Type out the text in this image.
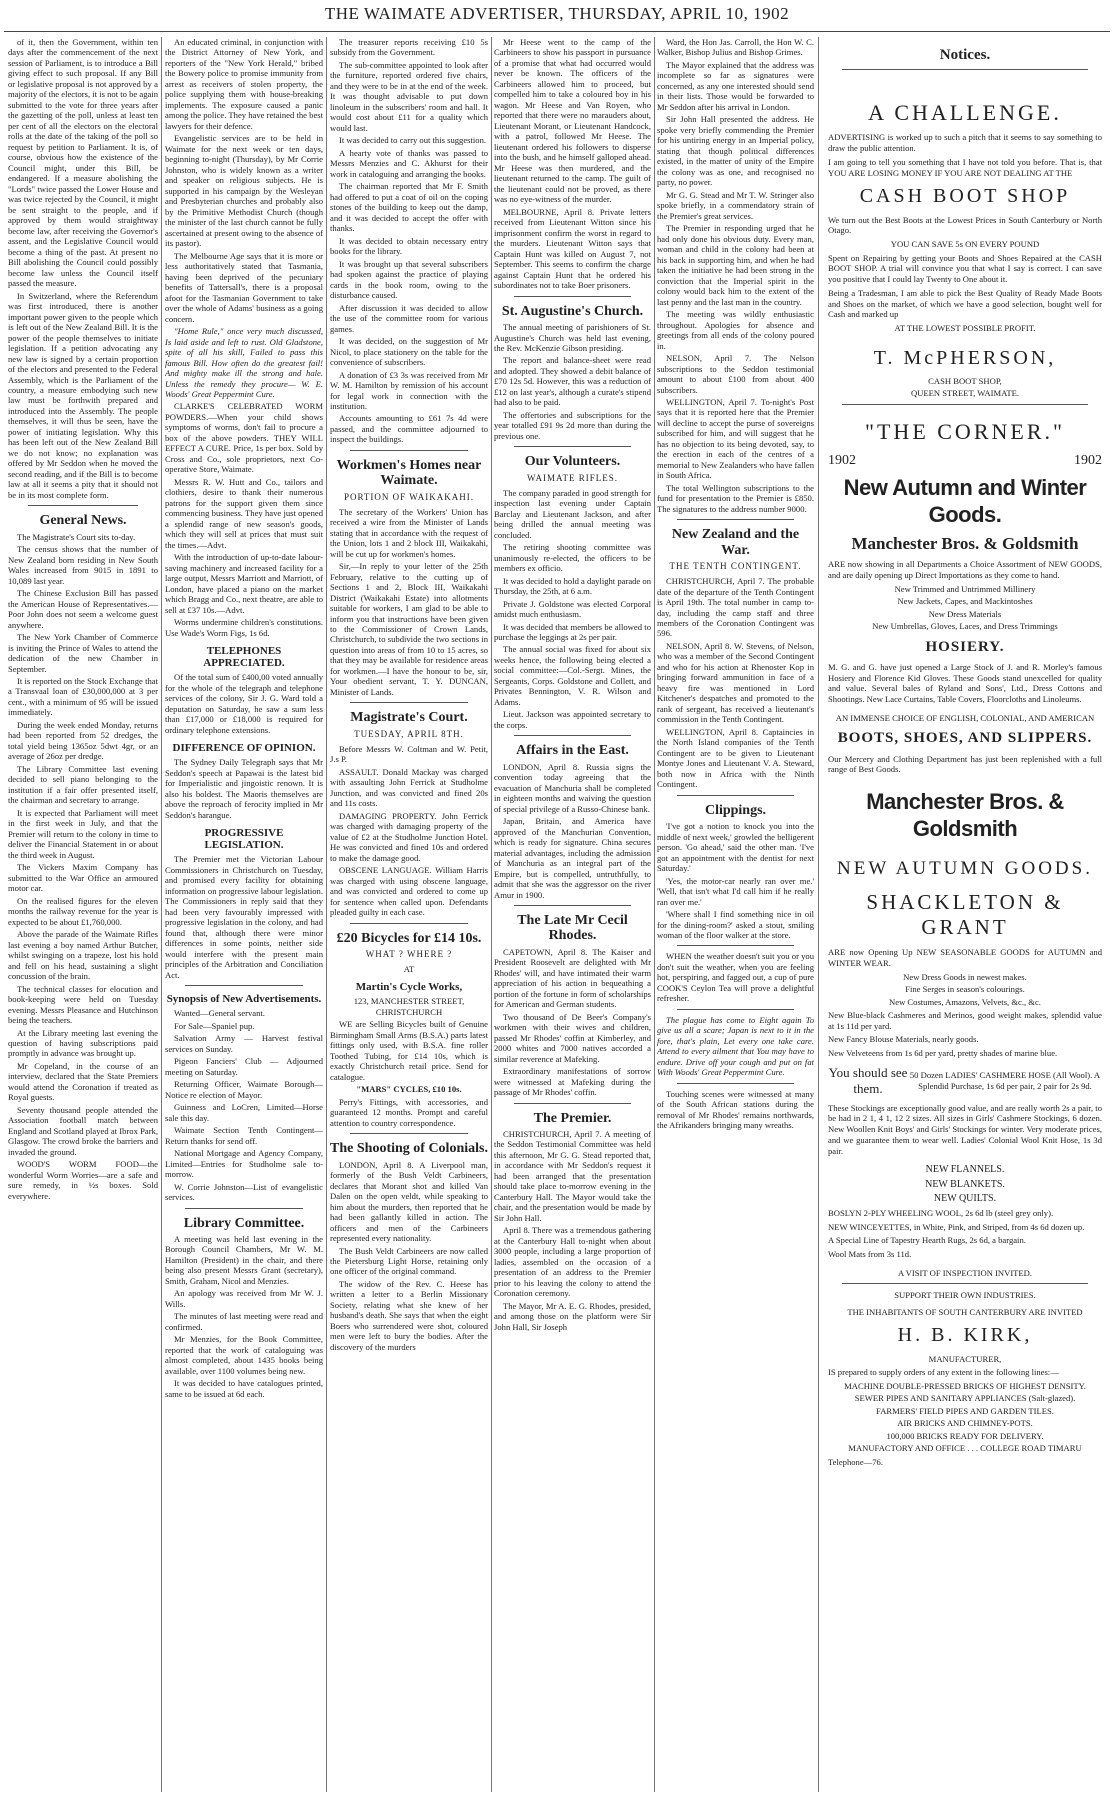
THE WAIMATE ADVERTISER, THURSDAY, APRIL 10, 1902

of it, then the Government, within ten days after the commencement of the next session of Parliament, is to introduce a Bill giving effect to such proposal. If any Bill or legislative proposal is not approved by a majority of the electors, it is not to be again submitted to the vote for three years after the gazetting of the poll, unless at least ten per cent of all the electors on the electoral rolls at the date of the taking of the poll so request by petition to Parliament. It is, of course, obvious how the existence of the Council might, under this Bill, be endangered. If a measure abolishing the "Lords" twice passed the Lower House and was twice rejected by the Council, it might be sent straight to the people, and if approved by them would straightway become law, after receiving the Governor's assent, and the Legislative Council would become a thing of the past. At present no Bill abolishing the Council could possibly become law unless the Council itself passed the measure.

In Switzerland, where the Referendum was first introduced, there is another important power given to the people which is left out of the New Zealand Bill. It is the power of the people themselves to initiate legislation. If a petition advocating any new law is signed by a certain proportion of the electors and presented to the Federal Assembly, which is the Parliament of the country, a measure embodying such new law must be forthwith prepared and introduced into the Assembly. The people themselves, it will thus be seen, have the power of initiating legislation. Why this has been left out of the New Zealand Bill we do not know; no explanation was offered by Mr Seddon when he moved the second reading, and if the Bill is to become law at all it seems a pity that it should not be in its most complete form.

General News.

The Magistrate's Court sits to-day.

The census shows that the number of New Zealand born residing in New South Wales increased from 9015 in 1891 to 10,089 last year.

The Chinese Exclusion Bill has passed the American House of Representatives.—Poor John does not seem a welcome guest anywhere.

The New York Chamber of Commerce is inviting the Prince of Wales to attend the dedication of the new Chamber in September.

It is reported on the Stock Exchange that a Transvaal loan of £30,000,000 at 3 per cent., with a minimum of 95 will be issued immediately.

During the week ended Monday, returns had been reported from 52 dredges, the total yield being 1365oz 5dwt 4gr, or an average of 26oz per dredge.

The Library Committee last evening decided to sell piano belonging to the institution if a fair offer presented itself, the chairman and secretary to arrange.

It is expected that Parliament will meet in the first week in July, and that the Premier will return to the colony in time to deliver the Financial Statement in or about the third week in August.

The Vickers Maxim Company has submitted to the War Office an armoured motor car.

On the realised figures for the eleven months the railway revenue for the year is expected to be about £1,760,000.

Above the parade of the Waimate Rifles last evening a boy named Arthur Butcher, whilst swinging on a trapeze, lost his hold and fell on his head, sustaining a slight concussion of the brain.

The technical classes for elocution and book-keeping were held on Tuesday evening. Messrs Pleasance and Hutchinson being the teachers.

At the Library meeting last evening the question of having subscriptions paid promptly in advance was brought up.

Mr Copeland, in the course of an interview, declared that the State Premiers would attend the Coronation if treated as Royal guests.

Seventy thousand people attended the Association football match between England and Scotland played at Ibrox Park, Glasgow. The crowd broke the barriers and invaded the ground.

WOOD'S WORM FOOD—the wonderful Worm Worries—are a safe and sure remedy, in ½s boxes. Sold everywhere.

An educated criminal, in conjunction with the District Attorney of New York, and reporters of the "New York Herald," bribed the Bowery police to promise immunity from arrest as receivers of stolen property, the police supplying them with house-breaking implements. The exposure caused a panic among the police. They have retained the best lawyers for their defence.

Evangelistic services are to be held in Waimate for the next week or ten days, beginning to-night (Thursday), by Mr Corrie Johnston, who is widely known as a writer and speaker on religious subjects. He is supported in his campaign by the Wesleyan and Presbyterian churches and probably also by the Primitive Methodist Church (though the minister of the last church cannot be fully ascertained at present owing to the absence of its pastor).

The Melbourne Age says that it is more or less authoritatively stated that Tasmania, having been deprived of the pecuniary benefits of Tattersall's, there is a proposal afoot for the Tasmanian Government to take over the whole of Adams' business as a going concern.

"Home Rule," once very much discussed, Is laid aside and left to rust. Old Gladstone, spite of all his skill, Failed to pass this famous Bill. How often do the greatest fail! And mighty make ill the strong and hale. Unless the remedy they procure— W. E. Woods' Great Peppermint Cure.

CLARKE'S CELEBRATED WORM POWDERS.—When your child shows symptoms of worms, don't fail to procure a box of the above powders. THEY WILL EFFECT A CURE. Price, 1s per box. Sold by Cross and Co., sole proprietors, next Co-operative Store, Waimate.

Messrs R. W. Hutt and Co., tailors and clothiers, desire to thank their numerous patrons for the support given them since commencing business. They have just opened a splendid range of new season's goods, which they will sell at prices that must suit the times.—Advt.

With the introduction of up-to-date labour-saving machinery and increased facility for a large output, Messrs Marriott and Marriott, of London, have placed a piano on the market which Bragg and Co., next theatre, are able to sell at £37 10s.—Advt.

Worms undermine children's constitutions. Use Wade's Worm Figs, 1s 6d.

TELEPHONES APPRECIATED.

Of the total sum of £400,00 voted annually for the whole of the telegraph and telephone services of the colony, Sir J. G. Ward told a deputation on Saturday, he saw a sum less than £17,000 or £18,000 is required for ordinary telephone extensions.

DIFFERENCE OF OPINION.

The Sydney Daily Telegraph says that Mr Seddon's speech at Papawai is the latest bid for Imperialistic and jingoistic renown. It is also his boldest. The Maoris themselves are above the reproach of ferocity implied in Mr Seddon's harangue.

PROGRESSIVE LEGISLATION.

The Premier met the Victorian Labour Commissioners in Christchurch on Tuesday, and promised every facility for obtaining information on progressive labour legislation. The Commissioners in reply said that they had been very favourably impressed with progressive legislation in the colony, and had found that, although there were minor differences in some points, neither side would interfere with the present main principles of the Arbitration and Conciliation Act.

Synopsis of New Advertisements.

Wanted—General servant.

For Sale—Spaniel pup.

Salvation Army — Harvest festival services on Sunday.

Pigeon Fanciers' Club — Adjourned meeting on Saturday.

Returning Officer, Waimate Borough—Notice re election of Mayor.

Guinness and LoCren, Limited—Horse sale this day.

Waimate Section Tenth Contingent—Return thanks for send off.

National Mortgage and Agency Company, Limited—Entries for Studholme sale to-morrow.

W. Corrie Johnston—List of evangelistic services.

Library Committee.

A meeting was held last evening in the Borough Council Chambers, Mr W. M. Hamilton (President) in the chair, and there being also present Messrs Grant (secretary), Smith, Graham, Nicol and Menzies.

An apology was received from Mr W. J. Wills.

The minutes of last meeting were read and confirmed.

Mr Menzies, for the Book Committee, reported that the work of cataloguing was almost completed, about 1435 books being available, over 1100 volumes being new.

It was decided to have catalogues printed, same to be issued at 6d each.

The treasurer reports receiving £10 5s subsidy from the Government.

The sub-committee appointed to look after the furniture, reported ordered five chairs, and they were to be in at the end of the week. It was thought advisable to put down linoleum in the subscribers' room and hall. It would cost about £11 for a quality which would last.

It was decided to carry out this suggestion.

A hearty vote of thanks was passed to Messrs Menzies and C. Akhurst for their work in cataloguing and arranging the books.

The chairman reported that Mr F. Smith had offered to put a coat of oil on the coping stones of the building to keep out the damp, and it was decided to accept the offer with thanks.

It was decided to obtain necessary entry books for the library.

It was brought up that several subscribers had spoken against the practice of playing cards in the book room, owing to the disturbance caused.

After discussion it was decided to allow the use of the committee room for various games.

It was decided, on the suggestion of Mr Nicol, to place stationery on the table for the convenience of subscribers.

A donation of £3 3s was received from Mr W. M. Hamilton by remission of his account for legal work in connection with the institution.

Accounts amounting to £61 7s 4d were passed, and the committee adjourned to inspect the buildings.

Workmen's Homes near Waimate.
PORTION OF WAIKAKAHI.

The secretary of the Workers' Union has received a wire from the Minister of Lands stating that in accordance with the request of the Union, lots 1 and 2 block III, Waikakahi, will be cut up for workmen's homes.

Sir,—In reply to your letter of the 25th February, relative to the cutting up of Sections 1 and 2, Block III, Waikakahi District (Waikakahi Estate) into allotments suitable for workers, I am glad to be able to inform you that instructions have been given to the Commissioner of Crown Lands, Christchurch, to subdivide the two sections in question into areas of from 10 to 15 acres, so that they may be available for residence areas for workmen.—I have the honour to be, sir, Your obedient servant, T. Y. DUNCAN, Minister of Lands.

Magistrate's Court.
TUESDAY, APRIL 8TH.

Before Messrs W. Coltman and W. Petit, J.s P.

ASSAULT. Donald Mackay was charged with assaulting John Ferrick at Studholme Junction, and was convicted and fined 20s and 11s costs.

DAMAGING PROPERTY. John Ferrick was charged with damaging property of the value of £2 at the Studholme Junction Hotel. He was convicted and fined 10s and ordered to make the damage good.

OBSCENE LANGUAGE. William Harris was charged with using obscene language, and was convicted and ordered to come up for sentence when called upon. Defendants pleaded guilty in each case.

£20 Bicycles for £14 10s.
WHAT ? WHERE ?
AT
Martin's Cycle Works,
123, MANCHESTER STREET, CHRISTCHURCH

WE are Selling Bicycles built of Genuine Birmingham Small Arms (B.S.A.) parts latest fittings only used, with B.S.A. fine roller Toothed Tubing, for £14 10s, which is exactly Christchurch retail price. Send for catalogue.

"MARS" CYCLES, £10 10s.

Perry's Fittings, with accessories, and guaranteed 12 months. Prompt and careful attention to country correspondence.

The Shooting of Colonials.

LONDON, April 8. A Liverpool man, formerly of the Bush Veldt Carbineers, declares that Morant shot and killed Van Dalen on the open veldt, while speaking to him about the murders, then reported that he had been gallantly killed in action. The officers and men of the Carbineers represented every nationality.

The Bush Veldt Carbineers are now called the Pietersburg Light Horse, retaining only one officer of the original command.

The widow of the Rev. C. Heese has written a letter to a Berlin Missionary Society, relating what she knew of her husband's death. She says that when the eight Boers who surrendered were shot, coloured men were left to bury the bodies. After the discovery of the murders

Mr Heese went to the camp of the Carbineers to show his passport in pursuance of a promise that what had occurred would never be known. The officers of the Carbineers allowed him to proceed, but compelled him to take a coloured boy in his wagon. Mr Heese and Van Royen, who reported that there were no marauders about, Lieutenant Morant, or Lieutenant Handcock, with a patrol, followed Mr Heese. The lieutenant ordered his followers to disperse into the bush, and he himself galloped ahead. Mr Heese was then murdered, and the lieutenant returned to the camp. The guilt of the lieutenant could not be proved, as there was no eye-witness of the murder.

MELBOURNE, April 8. Private letters received from Lieutenant Witton since his imprisonment confirm the worst in regard to the murders. Lieutenant Witton says that Captain Hunt was killed on August 7, not September. This seems to confirm the charge against Captain Hunt that he ordered his subordinates not to take Boer prisoners.

St. Augustine's Church.

The annual meeting of parishioners of St. Augustine's Church was held last evening, the Rev. McKenzie Gibson presiding.

The report and balance-sheet were read and adopted. They showed a debit balance of £70 12s 5d. However, this was a reduction of £12 on last year's, although a curate's stipend had also to be paid.

The offertories and subscriptions for the year totalled £91 9s 2d more than during the previous one.

Our Volunteers.
WAIMATE RIFLES.

The company paraded in good strength for inspection last evening under Captain Barclay and Lieutenant Jackson, and after being drilled the annual meeting was concluded.

The retiring shooting committee was unanimously re-elected, the officers to be members ex officio.

It was decided to hold a daylight parade on Thursday, the 25th, at 6 a.m.

Private J. Goldstone was elected Corporal amidst much enthusiasm.

It was decided that members be allowed to purchase the leggings at 2s per pair.

The annual social was fixed for about six weeks hence, the following being elected a social committee:—Col.-Sergt. Mines, the Sergeants, Corps. Goldstone and Collett, and Privates Bennington, V. R. Wilson and Adams.

Lieut. Jackson was appointed secretary to the corps.

Affairs in the East.

LONDON, April 8. Russia signs the convention today agreeing that the evacuation of Manchuria shall be completed in eighteen months and waiving the question of special privilege of a Russo-Chinese bank.

Japan, Britain, and America have approved of the Manchurian Convention, which is ready for signature. China secures material advantages, including the admission of Manchuria as an integral part of the Empire, but is compelled, untruthfully, to admit that she was the aggressor on the river Amur in 1900.

The Late Mr Cecil Rhodes.

CAPETOWN, April 8. The Kaiser and President Roosevelt are delighted with Mr Rhodes' will, and have intimated their warm appreciation of his action in bequeathing a portion of the fortune in form of scholarships for American and German students.

Two thousand of De Beer's Company's workmen with their wives and children, passed Mr Rhodes' coffin at Kimberley, and 2000 whites and 7000 natives accorded a similar reverence at Mafeking.

Extraordinary manifestations of sorrow were witnessed at Mafeking during the passage of Mr Rhodes' coffin.

The Premier.

CHRISTCHURCH, April 7. A meeting of the Seddon Testimonial Committee was held this afternoon, Mr G. G. Stead reported that, in accordance with Mr Seddon's request it had been arranged that the presentation should take place to-morrow evening in the Canterbury Hall. The Mayor would take the chair, and the presentation would be made by Sir John Hall.

April 8. There was a tremendous gathering at the Canterbury Hall to-night when about 3000 people, including a large proportion of ladies, assembled on the occasion of a presentation of an address to the Premier prior to his leaving the colony to attend the Coronation ceremony.

The Mayor, Mr A. E. G. Rhodes, presided, and among those on the platform were Sir John Hall, Sir Joseph

Ward, the Hon Jas. Carroll, the Hon W. C. Walker, Bishop Julius and Bishop Grimes.

The Mayor explained that the address was incomplete so far as signatures were concerned, as any one interested should send in their lists. Those would be forwarded to Mr Seddon after his arrival in London.

Sir John Hall presented the address. He spoke very briefly commending the Premier for his untiring energy in an Imperial policy, stating that though political differences existed, in the matter of unity of the Empire the colony was as one, and recognised no party, no power.

Mr G. G. Stead and Mr T. W. Stringer also spoke briefly, in a commendatory strain of the Premier's great services.

The Premier in responding urged that he had only done his obvious duty. Every man, woman and child in the colony had been at his back in supporting him, and when he had taken the initiative he had been strong in the conviction that the Imperial spirit in the colony would back him to the extent of the last penny and the last man in the country.

The meeting was wildly enthusiastic throughout. Apologies for absence and greetings from all ends of the colony poured in.

NELSON, April 7. The Nelson subscriptions to the Seddon testimonial amount to about £100 from about 400 subscribers.

WELLINGTON, April 7. To-night's Post says that it is reported here that the Premier will decline to accept the purse of sovereigns subscribed for him, and will suggest that he has no objection to its being devoted, say, to the erection in each of the centres of a memorial to New Zealanders who have fallen in South Africa.

The total Wellington subscriptions to the fund for presentation to the Premier is £850. The signatures to the address number 9000.

New Zealand and the War.
THE TENTH CONTINGENT.

CHRISTCHURCH, April 7. The probable date of the departure of the Tenth Contingent is April 19th. The total number in camp to-day, including the camp staff and three members of the Coronation Contingent was 596.

NELSON, April 8. W. Stevens, of Nelson, who was a member of the Second Contingent and who for his action at Rhenoster Kop in bringing forward ammunition in face of a heavy fire was mentioned in Lord Kitchener's despatches and promoted to the rank of sergeant, has received a lieutenant's commission in the Tenth Contingent.

WELLINGTON, April 8. Captaincies in the North Island companies of the Tenth Contingent are to be given to Lieutenant Montye Jones and Lieutenant V. A. Steward, both now in Africa with the Ninth Contingent.

Clippings.

'I've got a notion to knock you into the middle of next week,' growled the belligerent person. 'Go ahead,' said the other man. 'I've got an appointment with the dentist for next Saturday.'

'Yes, the motor-car nearly ran over me.' 'Well, that isn't what I'd call him if he really ran over me.'

'Where shall I find something nice in oil for the dining-room?' asked a stout, smiling woman of the floor walker at the store.

WHEN the weather doesn't suit you or you don't suit the weather, when you are feeling hot, perspiring, and fagged out, a cup of pure COOK'S Ceylon Tea will prove a delightful refresher.

The plague has come to Eight again To give us all a scare; Japan is next to it in the fore, that's plain, Let every one take care. Attend to every ailment that You may have to endure. Drive off your cough and put on fat With Woods' Great Peppermint Cure.

Touching scenes were witnessed at many of the South African stations during the removal of Mr Rhodes' remains northwards, the Afrikanders bringing many wreaths.

Notices.
A CHALLENGE.
ADVERTISING is worked up to such a pitch that it seems to say something to draw the public attention.
I am going to tell you something that I have not told you before. That is, that YOU ARE LOSING MONEY IF YOU ARE NOT DEALING AT THE
CASH BOOT SHOP
We turn out the Best Boots at the Lowest Prices in South Canterbury or North Otago.
YOU CAN SAVE 5s ON EVERY POUND
Spent on Repairing by getting your Boots and Shoes Repaired at the CASH BOOT SHOP. A trial will convince you that what I say is correct. I can save you positive that I could lay Twenty to One about it.
Being a Tradesman, I am able to pick the Best Quality of Ready Made Boots and Shoes on the market, of which we have a good selection, bought well for Cash and marked up
AT THE LOWEST POSSIBLE PROFIT.
T. McPHERSON,
CASH BOOT SHOP,
QUEEN STREET, WAIMATE.
"THE CORNER."
1902	1902
New Autumn and Winter Goods.
Manchester Bros. & Goldsmith
ARE now showing in all Departments a Choice Assortment of NEW GOODS, and are daily opening up Direct Importations as they come to hand.
New Trimmed and Untrimmed Millinery
New Jackets, Capes, and Mackintoshes
New Dress Materials
New Umbrellas, Gloves, Laces, and Dress Trimmings
HOSIERY.
M. G. and G. have just opened a Large Stock of J. and R. Morley's famous Hosiery and Florence Kid Gloves. These Goods stand unexcelled for quality and value. Several bales of Ryland and Sons', Ltd., Dress Cottons and Shootings. New Lace Curtains, Table Covers, Floorcloths and Linoleums.
AN IMMENSE CHOICE OF ENGLISH, COLONIAL, AND AMERICAN
BOOTS, SHOES, AND SLIPPERS.
Our Mercery and Clothing Department has just been replenished with a full range of Best Goods.
Manchester Bros. & Goldsmith
NEW AUTUMN GOODS.
SHACKLETON & GRANT
ARE now Opening Up NEW SEASONABLE GOODS for AUTUMN and WINTER WEAR.
New Dress Goods in newest makes.
Fine Serges in season's colourings.
New Costumes, Amazons, Velvets, &c., &c.
New Blue-black Cashmeres and Merinos, good weight makes, splendid value at 1s 11d per yard.
New Fancy Blouse Materials, nearly goods.
New Velveteens from 1s 6d per yard, pretty shades of marine blue.
You should see them.
50 Dozen LADIES' CASHMERE HOSE (All Wool). A Splendid Purchase, 1s 6d per pair, 2 pair for 2s 9d.
These Stockings are exceptionally good value, and are really worth 2s a pair, to be had in 2 1, 4 1, 12 2 sizes. All sizes in Girls' Cashmere Stockings, 6 dozen. New Woollen Knit Boys' and Girls' Stockings for winter. Very moderate prices, and we guarantee them to wear well. Ladies' Colonial Wool Knit Hose, 1s 3d pair.
NEW FLANNELS.
NEW BLANKETS.
NEW QUILTS.
BOSLYN 2-PLY WHEELING WOOL, 2s 6d lb (steel grey only).
NEW WINCEYETTES, in White, Pink, and Striped, from 4s 6d dozen up.
A Special Line of Tapestry Hearth Rugs, 2s 6d, a bargain.
Wool Mats from 3s 11d.
A VISIT OF INSPECTION INVITED.
SUPPORT THEIR OWN INDUSTRIES.
THE INHABITANTS OF SOUTH CANTERBURY ARE INVITED
H. B. KIRK,
MANUFACTURER,
IS prepared to supply orders of any extent in the following lines:—
MACHINE DOUBLE-PRESSED BRICKS OF HIGHEST DENSITY.
SEWER PIPES AND SANITARY APPLIANCES (Salt-glazed).
FARMERS' FIELD PIPES AND GARDEN TILES.
AIR BRICKS AND CHIMNEY-POTS.
100,000 BRICKS READY FOR DELIVERY.
MANUFACTORY AND OFFICE . . . COLLEGE ROAD TIMARU
Telephone—76.
